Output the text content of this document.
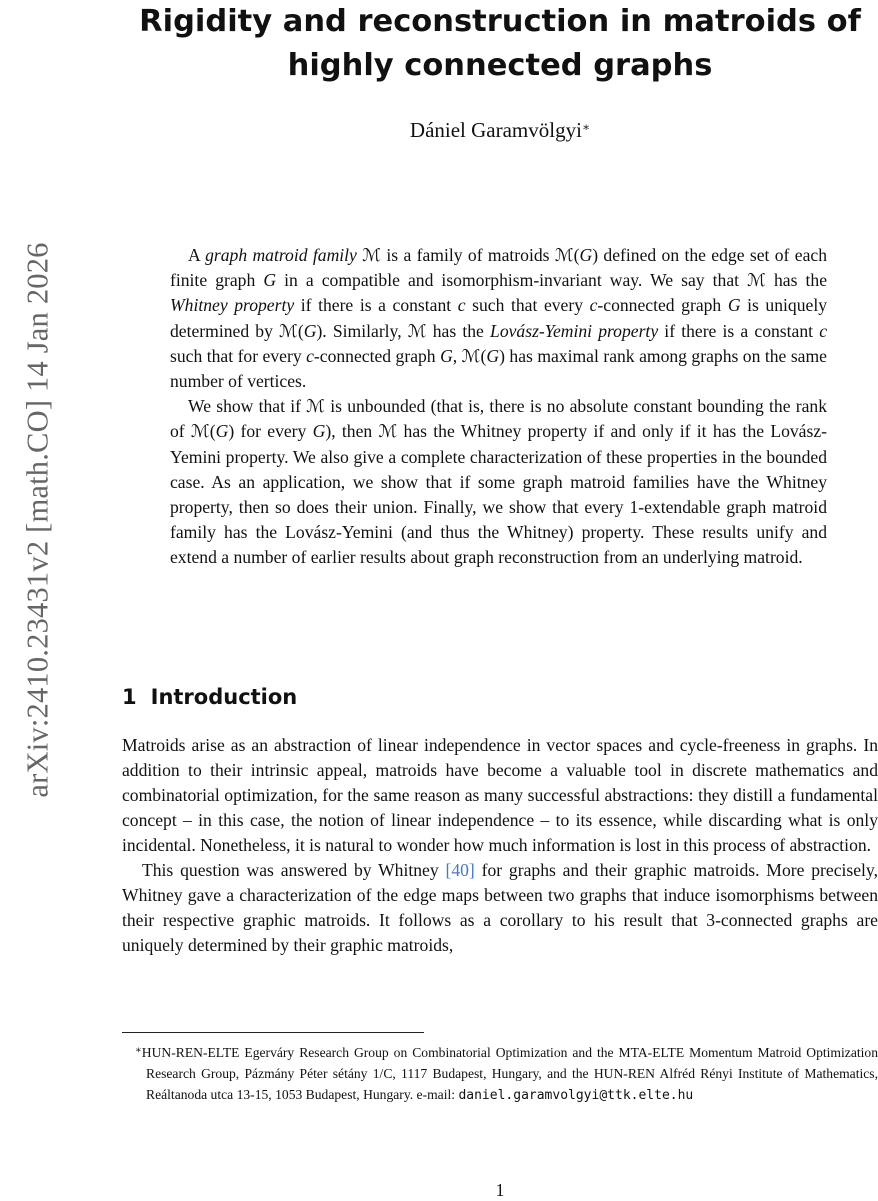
arXiv:2410.23431v2 [math.CO] 14 Jan 2026
Rigidity and reconstruction in matroids of
highly connected graphs
Dániel Garamvölgyi∗

A graph matroid family ℳ is a family of matroids ℳ(G) defined on the edge set of each finite graph G in a compatible and isomorphism-invariant way. We say that ℳ has the Whitney property if there is a constant c such that every c-connected graph G is uniquely determined by ℳ(G). Similarly, ℳ has the Lovász-Yemini property if there is a constant c such that for every c-connected graph G, ℳ(G) has maximal rank among graphs on the same number of vertices.

We show that if ℳ is unbounded (that is, there is no absolute constant bounding the rank of ℳ(G) for every G), then ℳ has the Whitney property if and only if it has the Lovász-Yemini property. We also give a complete characterization of these properties in the bounded case. As an application, we show that if some graph matroid families have the Whitney property, then so does their union. Finally, we show that every 1-extendable graph matroid family has the Lovász-Yemini (and thus the Whitney) property. These results unify and extend a number of earlier results about graph reconstruction from an underlying matroid.

1 Introduction

Matroids arise as an abstraction of linear independence in vector spaces and cycle-freeness in graphs. In addition to their intrinsic appeal, matroids have become a valuable tool in discrete mathematics and combinatorial optimization, for the same reason as many successful abstractions: they distill a fundamental concept – in this case, the notion of linear independence – to its essence, while discarding what is only incidental. Nonetheless, it is natural to wonder how much information is lost in this process of abstraction.

This question was answered by Whitney [40] for graphs and their graphic matroids. More precisely, Whitney gave a characterization of the edge maps between two graphs that induce isomorphisms between their respective graphic matroids. It follows as a corollary to his result that 3-connected graphs are uniquely determined by their graphic matroids,

∗HUN-REN-ELTE Egerváry Research Group on Combinatorial Optimization and the MTA-ELTE Momentum Matroid Optimization Research Group, Pázmány Péter sétány 1/C, 1117 Budapest, Hungary, and the HUN-REN Alfréd Rényi Institute of Mathematics, Reáltanoda utca 13-15, 1053 Budapest, Hungary. e-mail: daniel.garamvolgyi@ttk.elte.hu
1
